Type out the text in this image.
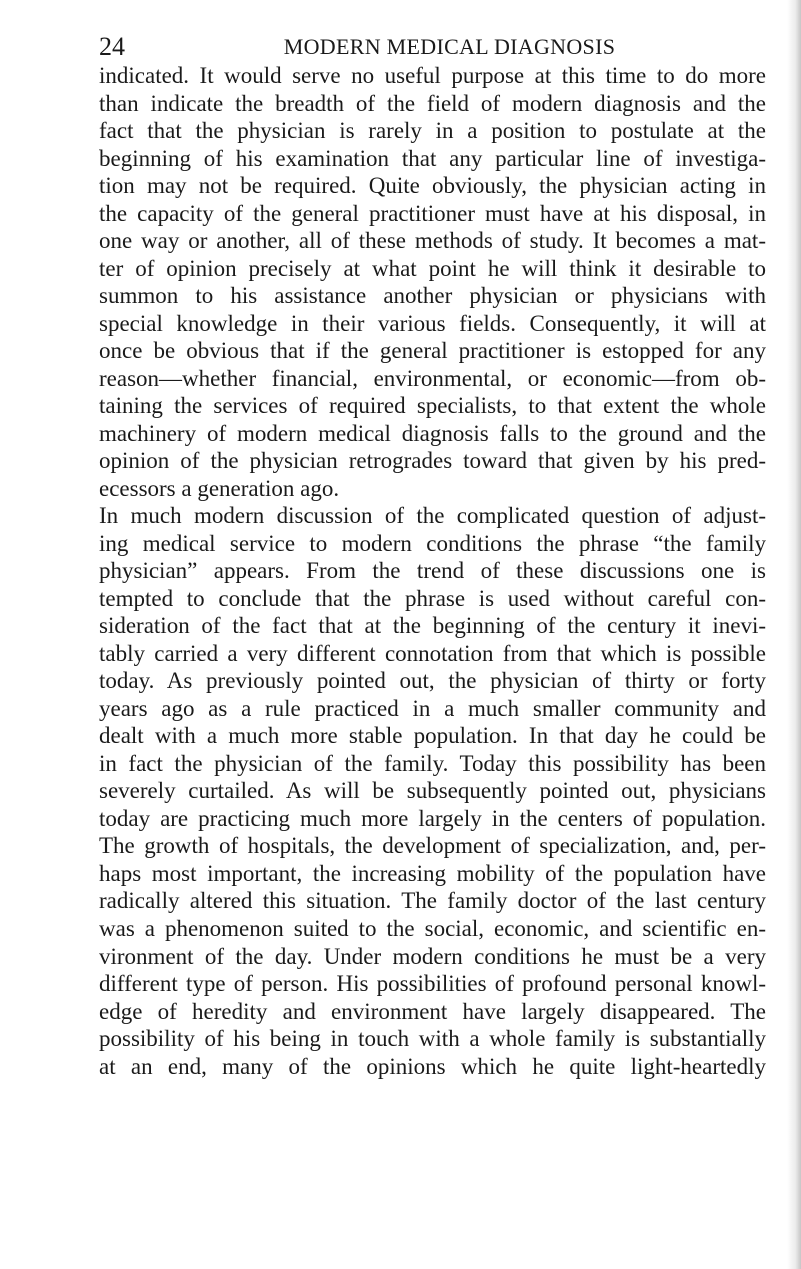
24	MODERN MEDICAL DIAGNOSIS
indicated. It would serve no useful purpose at this time to do more
than indicate the breadth of the field of modern diagnosis and the
fact that the physician is rarely in a position to postulate at the
beginning of his examination that any particular line of investiga-
tion may not be required. Quite obviously, the physician acting in
the capacity of the general practitioner must have at his disposal, in
one way or another, all of these methods of study. It becomes a mat-
ter of opinion precisely at what point he will think it desirable to
summon to his assistance another physician or physicians with
special knowledge in their various fields. Consequently, it will at
once be obvious that if the general practitioner is estopped for any
reason—whether financial, environmental, or economic—from ob-
taining the services of required specialists, to that extent the whole
machinery of modern medical diagnosis falls to the ground and the
opinion of the physician retrogrades toward that given by his pred-
ecessors a generation ago.
In much modern discussion of the complicated question of adjust-
ing medical service to modern conditions the phrase “the family
physician” appears. From the trend of these discussions one is
tempted to conclude that the phrase is used without careful con-
sideration of the fact that at the beginning of the century it inevi-
tably carried a very different connotation from that which is possible
today. As previously pointed out, the physician of thirty or forty
years ago as a rule practiced in a much smaller community and
dealt with a much more stable population. In that day he could be
in fact the physician of the family. Today this possibility has been
severely curtailed. As will be subsequently pointed out, physicians
today are practicing much more largely in the centers of population.
The growth of hospitals, the development of specialization, and, per-
haps most important, the increasing mobility of the population have
radically altered this situation. The family doctor of the last century
was a phenomenon suited to the social, economic, and scientific en-
vironment of the day. Under modern conditions he must be a very
different type of person. His possibilities of profound personal knowl-
edge of heredity and environment have largely disappeared. The
possibility of his being in touch with a whole family is substantially
at an end, many of the opinions which he quite light-heartedly
